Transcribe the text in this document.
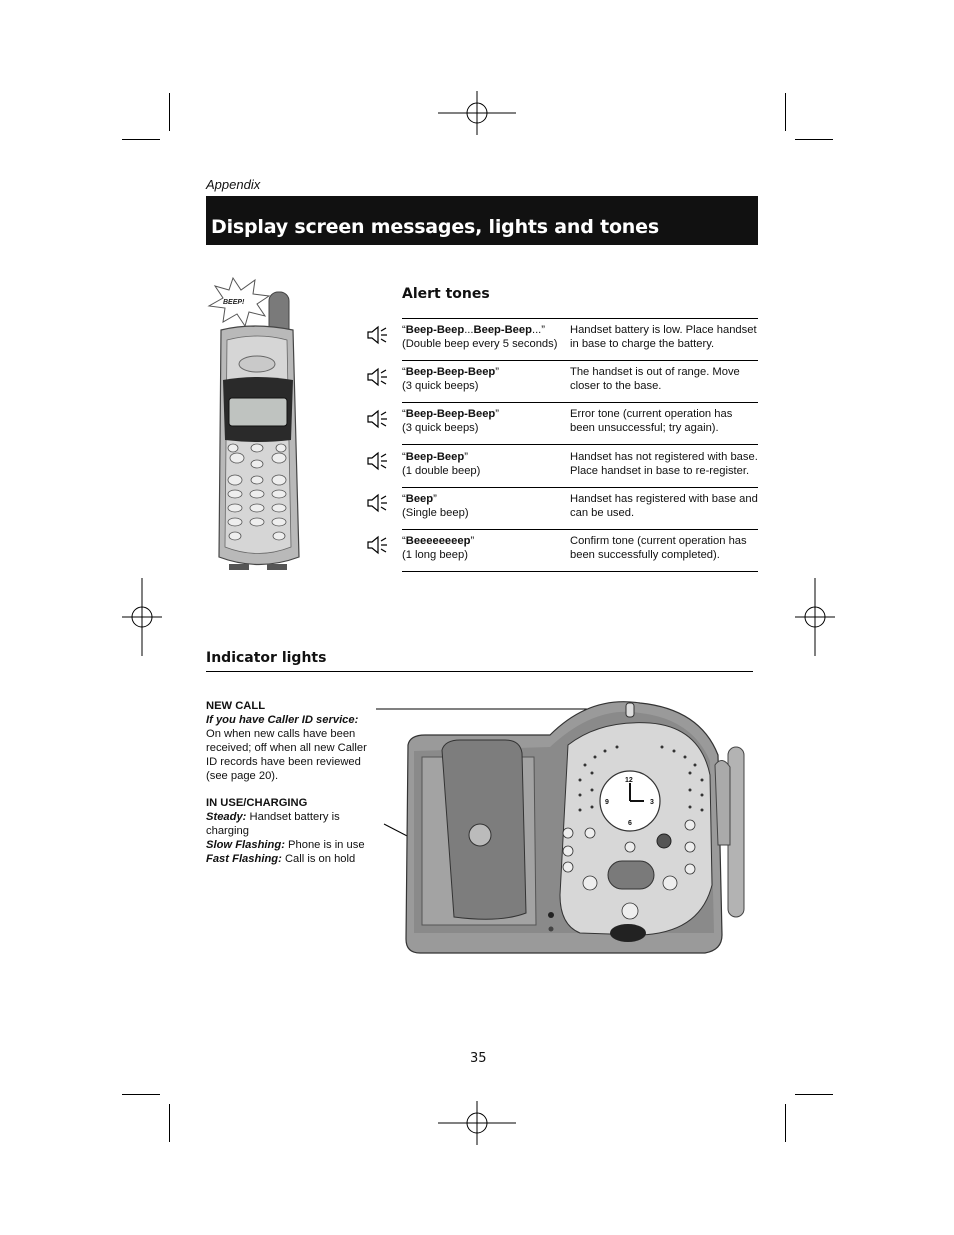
Appendix
Display screen messages, lights and tones
BEEP!
Alert tones
“Beep-Beep...Beep-Beep...”
(Double beep every 5 seconds)
Handset battery is low. Place handset in base to charge the battery.
“Beep-Beep-Beep”
(3 quick beeps)
The handset is out of range. Move closer to the base.
“Beep-Beep-Beep”
(3 quick beeps)
Error tone (current operation has been unsuccessful; try again).
“Beep-Beep”
(1 double beep)
Handset has not registered with base. Place handset in base to re-register.
“Beep”
(Single beep)
Handset has registered with base and can be used.
“Beeeeeeeep”
(1 long beep)
Confirm tone (current operation has been successfully completed).
Indicator lights
NEW CALL
If you have Caller ID service: On when new calls have been received; off when all new Caller ID records have been reviewed (see page 20).
IN USE/CHARGING
Steady: Handset battery is charging
Slow Flashing: Phone is in use
Fast Flashing: Call is on hold
12
3
6
9
35
